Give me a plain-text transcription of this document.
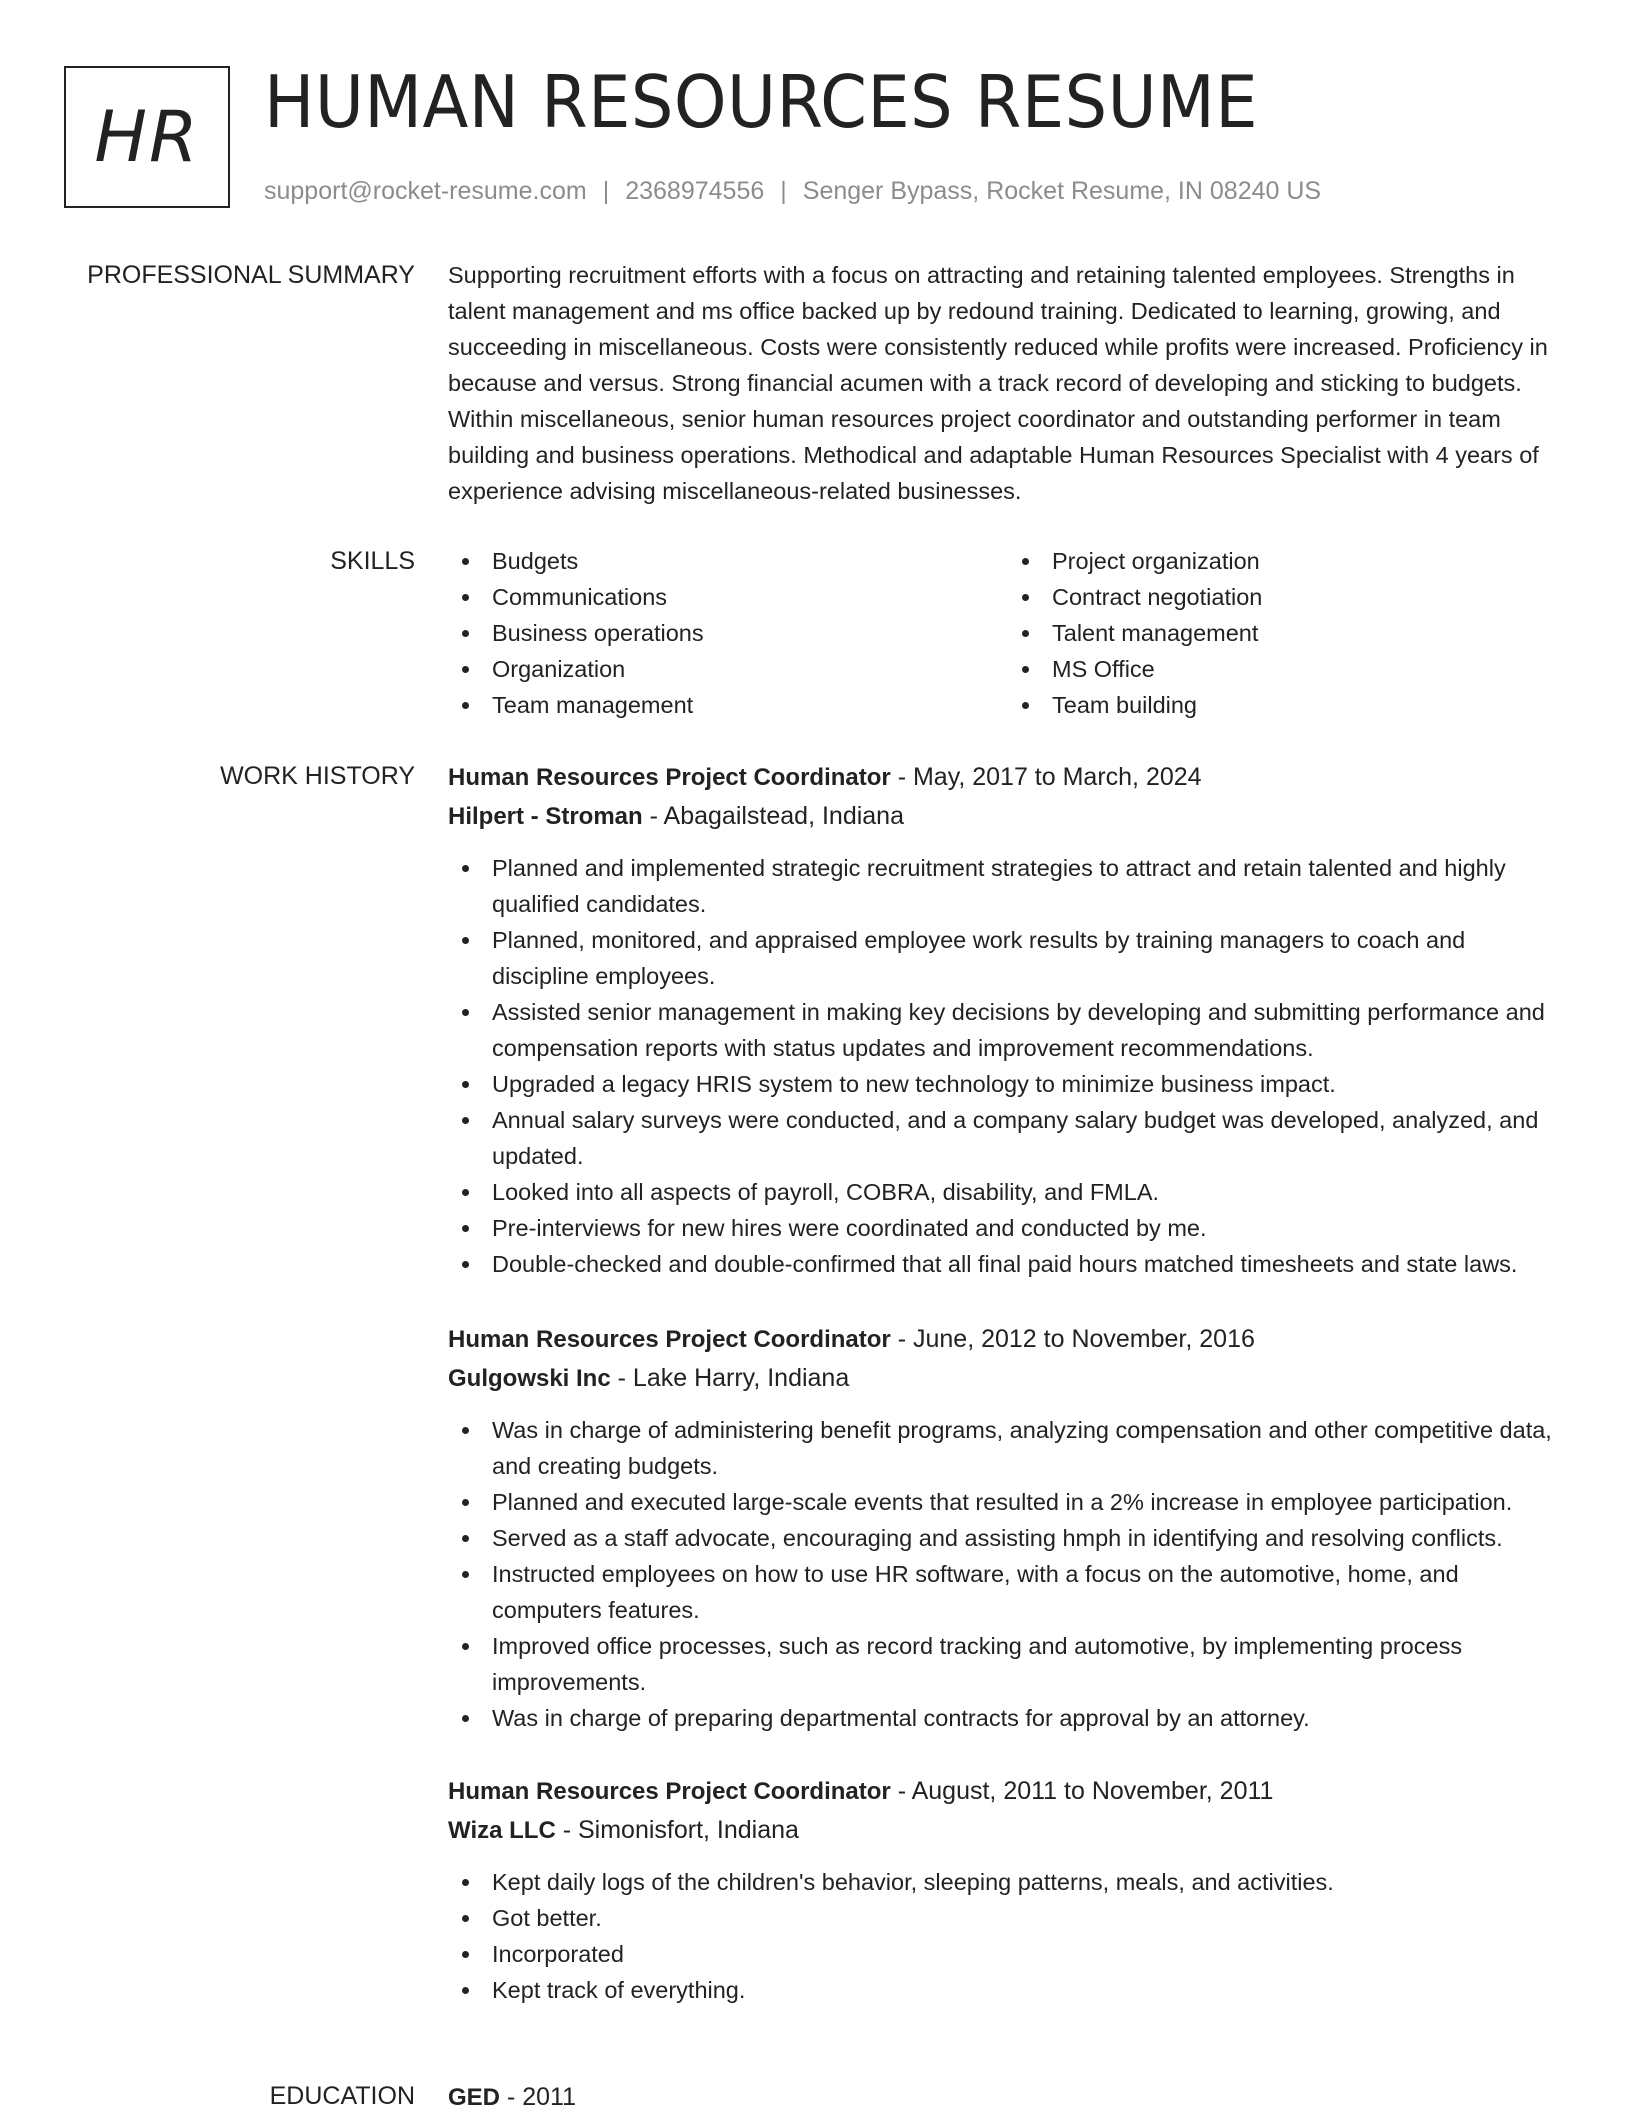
HR HUMAN RESOURCES RESUME
support@rocket-resume.com | 2368974556 | Senger Bypass, Rocket Resume, IN 08240 US
PROFESSIONAL SUMMARY Supporting recruitment efforts with a focus on attracting and retaining talented employees. Strengths in talent management and ms office backed up by redound training. Dedicated to learning, growing, and succeeding in miscellaneous. Costs were consistently reduced while profits were increased. Proficiency in because and versus. Strong financial acumen with a track record of developing and sticking to budgets. Within miscellaneous, senior human resources project coordinator and outstanding performer in team building and business operations. Methodical and adaptable Human Resources Specialist with 4 years of experience advising miscellaneous-related businesses.

SKILLS	Budgets
Communications
Business operations
Organization
Team management
Project organization
Contract negotiation
Talent management
MS Office
Team building
WORK HISTORY Human Resources Project Coordinator - May, 2017 to March, 2024

Hilpert - Stroman - Abagailstead, Indiana

Planned and implemented strategic recruitment strategies to attract and retain talented and highly qualified candidates.
Planned, monitored, and appraised employee work results by training managers to coach and discipline employees.
Assisted senior management in making key decisions by developing and submitting performance and compensation reports with status updates and improvement recommendations.
Upgraded a legacy HRIS system to new technology to minimize business impact.
Annual salary surveys were conducted, and a company salary budget was developed, analyzed, and updated.
Looked into all aspects of payroll, COBRA, disability, and FMLA.
Pre-interviews for new hires were coordinated and conducted by me.
Double-checked and double-confirmed that all final paid hours matched timesheets and state laws.

Human Resources Project Coordinator - June, 2012 to November, 2016

Gulgowski Inc - Lake Harry, Indiana

Was in charge of administering benefit programs, analyzing compensation and other competitive data, and creating budgets.
Planned and executed large-scale events that resulted in a 2% increase in employee participation.
Served as a staff advocate, encouraging and assisting hmph in identifying and resolving conflicts.
Instructed employees on how to use HR software, with a focus on the automotive, home, and computers features.
Improved office processes, such as record tracking and automotive, by implementing process improvements.
Was in charge of preparing departmental contracts for approval by an attorney.

Human Resources Project Coordinator - August, 2011 to November, 2011

Wiza LLC - Simonisfort, Indiana

Kept daily logs of the children's behavior, sleeping patterns, meals, and activities.
Got better.
Incorporated
Kept track of everything.
EDUCATION GED - 2011
